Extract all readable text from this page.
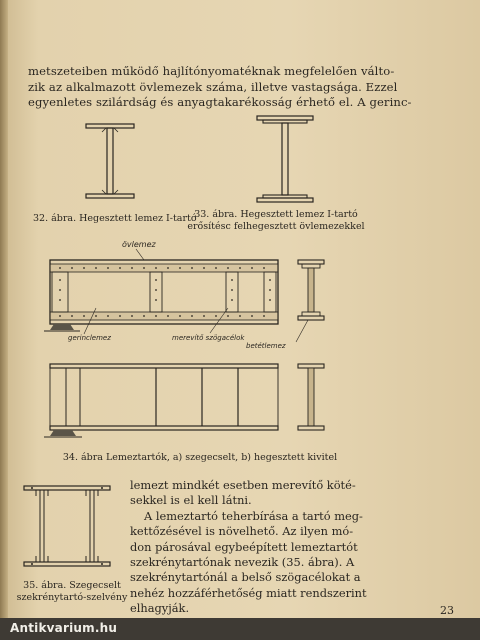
metszeteiben működő hajlítónyomatéknak megfelelően válto-
zik az alkalmazott övlemezek száma, illetve vastagsága. Ezzel
egyenletes szilárdság és anyagtakarékosság érhető el. A gerinc-
32. ábra. Hegesztett lemez I-tartó
33. ábra. Hegesztett lemez I-tartó
erősítésc felhegesztett övlemezekkel
övlemez
gerinclemez	merevítő szögacélok
betétlemez
34. ábra Lemeztartók, a) szegecselt, b) hegesztett kivitel
35. ábra. Szegecselt
szekrénytartó-szelvény
lemezt mindkét esetben merevítő köté-
sekkel is el kell látni.
A lemeztartó teherbírása a tartó meg-
kettőzésével is növelhető. Az ilyen mó-
don párosával egybeépített lemeztartót
szekrénytartónak nevezik (35. ábra). A
szekrénytartónál a belső szögacélokat a
nehéz hozzáférhetőség miatt rendszerint
elhagyják.	23
Antikvarium.hu
